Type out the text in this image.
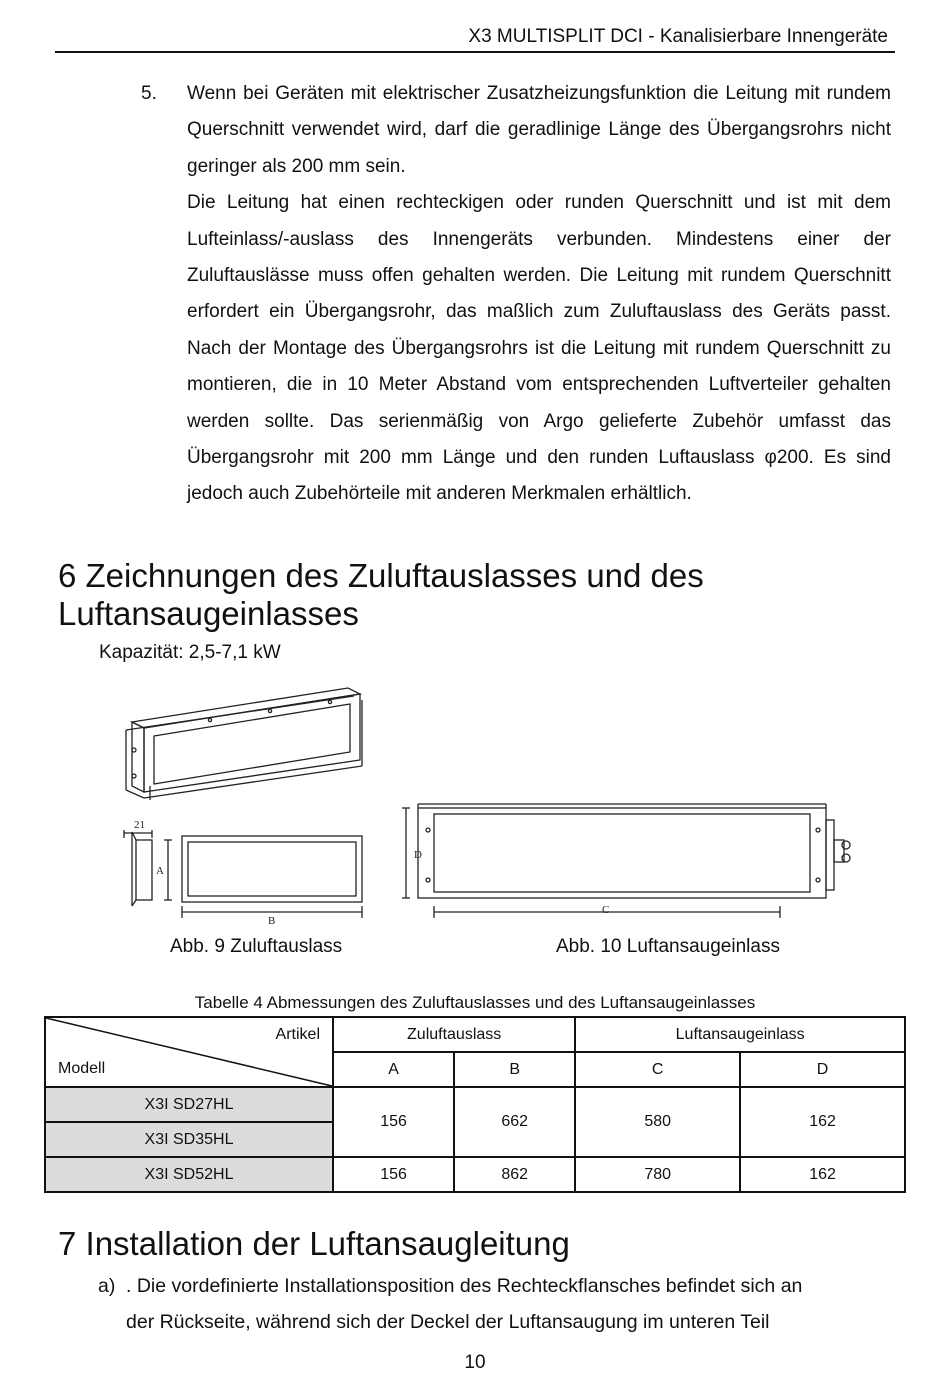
X3 MULTISPLIT DCI - Kanalisierbare Innengeräte
5. Wenn bei Geräten mit elektrischer Zusatzheizungsfunktion die Leitung mit rundem Querschnitt verwendet wird, darf die geradlinige Länge des Übergangsrohrs nicht geringer als 200 mm sein.

Die Leitung hat einen rechteckigen oder runden Querschnitt und ist mit dem Lufteinlass/-auslass des Innengeräts verbunden. Mindestens einer der Zuluftauslässe muss offen gehalten werden. Die Leitung mit rundem Querschnitt erfordert ein Übergangsrohr, das maßlich zum Zuluftauslass des Geräts passt. Nach der Montage des Übergangsrohrs ist die Leitung mit rundem Querschnitt zu montieren, die in 10 Meter Abstand vom entsprechenden Luftverteiler gehalten werden sollte. Das serienmäßig von Argo gelieferte Zubehör umfasst das Übergangsrohr mit 200 mm Länge und den runden Luftauslass φ200. Es sind jedoch auch Zubehörteile mit anderen Merkmalen erhältlich.

6 Zeichnungen des Zuluftauslasses und des Luftansaugeinlasses
Kapazität: 2,5-7,1 kW
21
A
B
D
C
Abb. 9 Zuluftauslass	Abb. 10 Luftansaugeinlass
Tabelle 4 Abmessungen des Zuluftauslasses und des Luftansaugeinlasses
Artikel
Modell	Zuluftauslass		Luftansaugeinlass	
	A	B	C	D
X3I SD27HL	156	662	580	162
X3I SD35HL				
X3I SD52HL	156	862	780	162
7 Installation der Luftansaugleitung
a) . Die vordefinierte Installationsposition des Rechteckflansches befindet sich an
der Rückseite, während sich der Deckel der Luftansaugung im unteren Teil
10
